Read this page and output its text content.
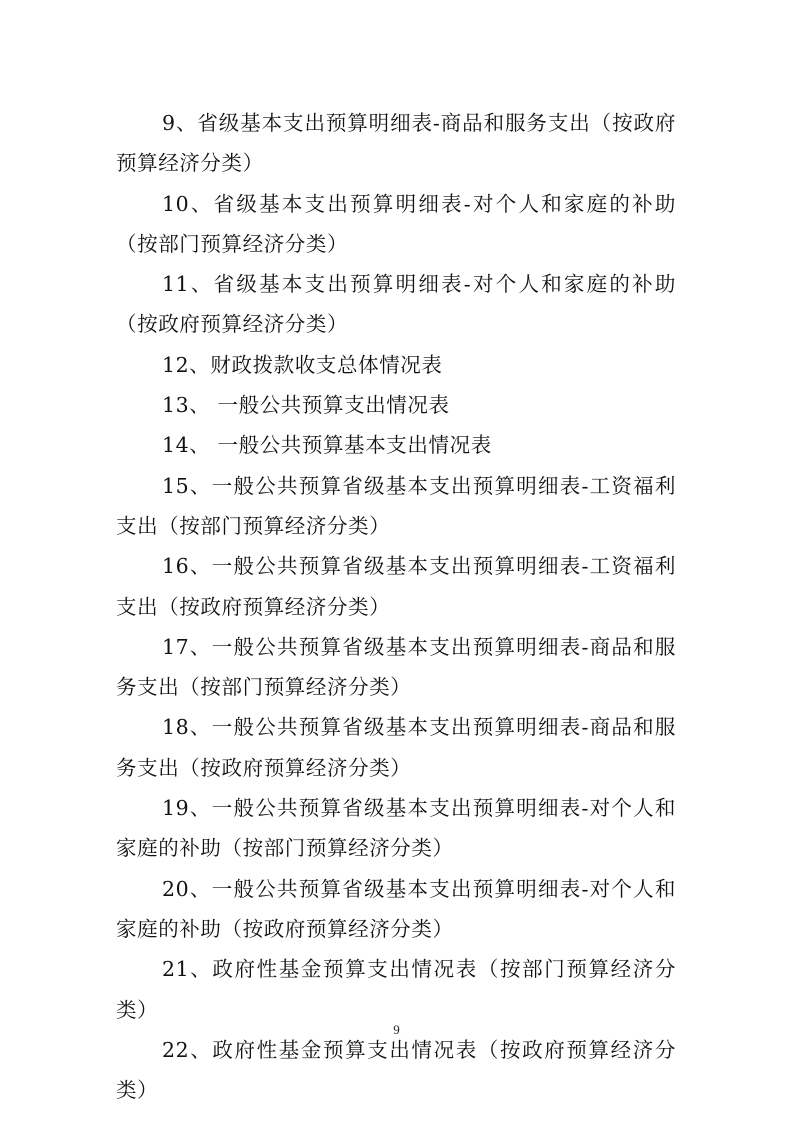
9、省级基本支出预算明细表-商品和服务支出（按政府预算经济分类）

10、省级基本支出预算明细表-对个人和家庭的补助（按部门预算经济分类）

11、省级基本支出预算明细表-对个人和家庭的补助（按政府预算经济分类）

12、财政拨款收支总体情况表

13、 一般公共预算支出情况表

14、 一般公共预算基本支出情况表

15、一般公共预算省级基本支出预算明细表-工资福利支出（按部门预算经济分类）

16、一般公共预算省级基本支出预算明细表-工资福利支出（按政府预算经济分类）

17、一般公共预算省级基本支出预算明细表-商品和服务支出（按部门预算经济分类）

18、一般公共预算省级基本支出预算明细表-商品和服务支出（按政府预算经济分类）

19、一般公共预算省级基本支出预算明细表-对个人和家庭的补助（按部门预算经济分类）

20、一般公共预算省级基本支出预算明细表-对个人和家庭的补助（按政府预算经济分类）

21、政府性基金预算支出情况表（按部门预算经济分类）

22、政府性基金预算支出情况表（按政府预算经济分类）

9
